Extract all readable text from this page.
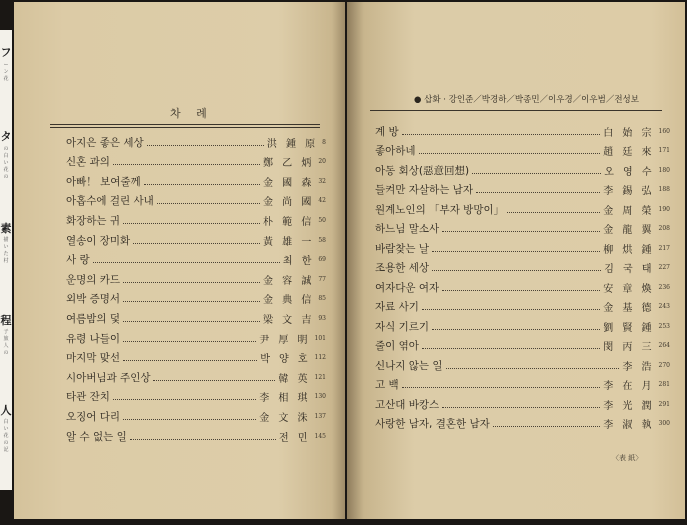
フ
ー ン 花
タ
の 白 い 花 の
素
描 い た 村
程
子 旅 人 の
人
白 い 花 の 記
차 례
아지은 좋은 세상	洪 鍾 原 8
신혼 과의	鄭 乙 炳 20
아빠！ 보여줄께	金 國 森 32
아홉수에 걸린 사내	金 尚 國 42
화장하는 귀	朴 範 信 50
열송이 장미화	黃 雄 一 58
사 랑	최 한 69
운명의 카드	金 容 誠 77
외박 증명서	金 典 信 85
여름밤의 덫	梁 文 吉 93
유령 나들이	尹 厚 明 101
마지막 맞선	박 양 호 112
시아버님과 주인상	韓 英 121
타관 잔치	李 相 琪 130
오징어 다리	金 文 洙 137
알 수 없는 일	전 민 145
● 삽화 · 강인준／박경하／박종민／이우경／이우범／전성보
계 방	白 始 宗 160
좋아하네	趙 廷 來 171
아동 회상(惡意回想)	오 영 수 180
들켜만 자살하는 남자	李 錫 弘 188
원계노인의 「부자 방망이」	金 周 榮 190
하느님 말소사	金 龍 翼 208
바람찾는 날	柳 烘 鍾 217
조용한 세상	김 국 태 227
여자다운 여자	安 章 煥 236
자료 사기	金 基 德 243
자식 기르기	劉 賢 鍾 253
줄이 엮아	閔 丙 三 264
신나지 않는 일	李 浩 270
고 백	李 在 月 281
고산대 바캉스	李 光 潤 291
사랑한 남자, 결혼한 남자	李 淑 執 300
〈表 紙〉
